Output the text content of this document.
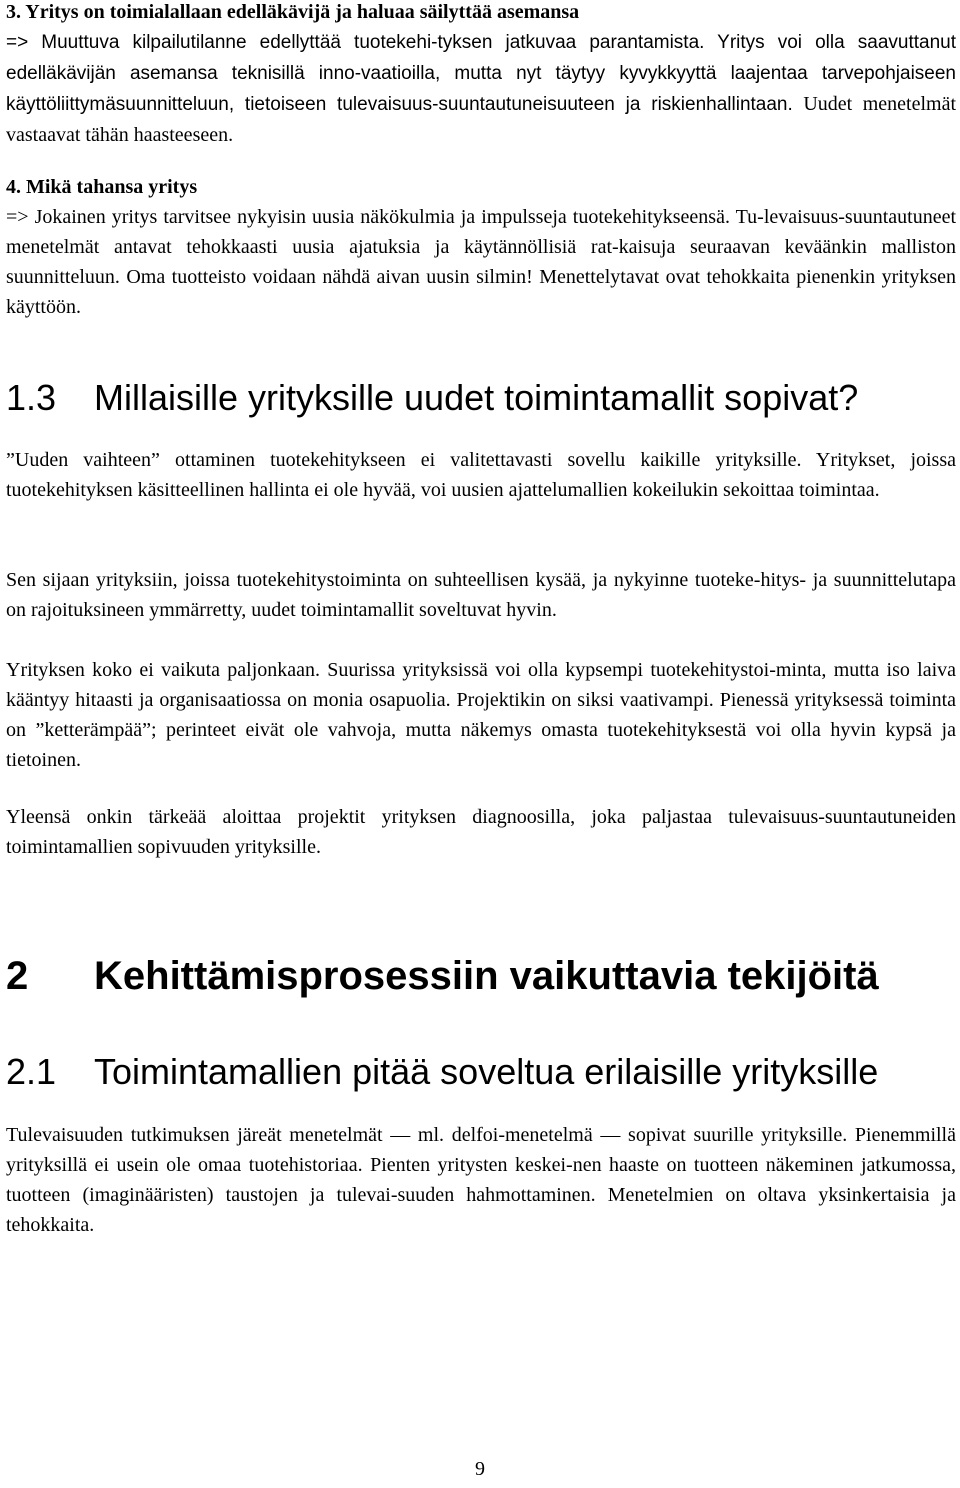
3. Yritys on toimialallaan edelläkävijä ja haluaa säilyttää asemansa

=> Muuttuva kilpailutilanne edellyttää tuotekehi-tyksen jatkuvaa parantamista. Yritys voi olla saavuttanut edelläkävijän asemansa teknisillä inno-vaatioilla, mutta nyt täytyy kyvykkyyttä laajentaa tarvepohjaiseen käyttöliittymäsuunnitteluun, tietoiseen tulevaisuus-suuntautuneisuuteen ja riskienhallintaan. Uudet menetelmät vastaavat tähän haasteeseen.

4. Mikä tahansa yritys

=> Jokainen yritys tarvitsee nykyisin uusia näkökulmia ja impulsseja tuotekehitykseensä. Tu-levaisuus-suuntautuneet menetelmät antavat tehokkaasti uusia ajatuksia ja käytännöllisiä rat-kaisuja seuraavan keväänkin malliston suunnitteluun. Oma tuotteisto voidaan nähdä aivan uusin silmin! Menettelytavat ovat tehokkaita pienenkin yrityksen käyttöön.

1.3 Millaisille yrityksille uudet toimintamallit sopivat?
”Uuden vaihteen” ottaminen tuotekehitykseen ei valitettavasti sovellu kaikille yrityksille. Yritykset, joissa tuotekehityksen käsitteellinen hallinta ei ole hyvää, voi uusien ajattelumallien kokeilukin sekoittaa toimintaa.
Sen sijaan yrityksiin, joissa tuotekehitystoiminta on suhteellisen kysää, ja nykyinne tuoteke-hitys- ja suunnittelutapa on rajoituksineen ymmärretty, uudet toimintamallit soveltuvat hyvin.
Yrityksen koko ei vaikuta paljonkaan. Suurissa yrityksissä voi olla kypsempi tuotekehitystoi-minta, mutta iso laiva kääntyy hitaasti ja organisaatiossa on monia osapuolia. Projektikin on siksi vaativampi. Pienessä yrityksessä toiminta on ”ketterämpää”; perinteet eivät ole vahvoja, mutta näkemys omasta tuotekehityksestä voi olla hyvin kypsä ja tietoinen.
Yleensä onkin tärkeää aloittaa projektit yrityksen diagnoosilla, joka paljastaa tulevaisuus-suuntautuneiden toimintamallien sopivuuden yrityksille.
2 Kehittämisprosessiin vaikuttavia tekijöitä
2.1 Toimintamallien pitää soveltua erilaisille yrityksille
Tulevaisuuden tutkimuksen järeät menetelmät — ml. delfoi-menetelmä — sopivat suurille yrityksille. Pienemmillä yrityksillä ei usein ole omaa tuotehistoriaa. Pienten yritysten keskei-nen haaste on tuotteen näkeminen jatkumossa, tuotteen (imaginääristen) taustojen ja tulevai-suuden hahmottaminen. Menetelmien on oltava yksinkertaisia ja tehokkaita.
9
